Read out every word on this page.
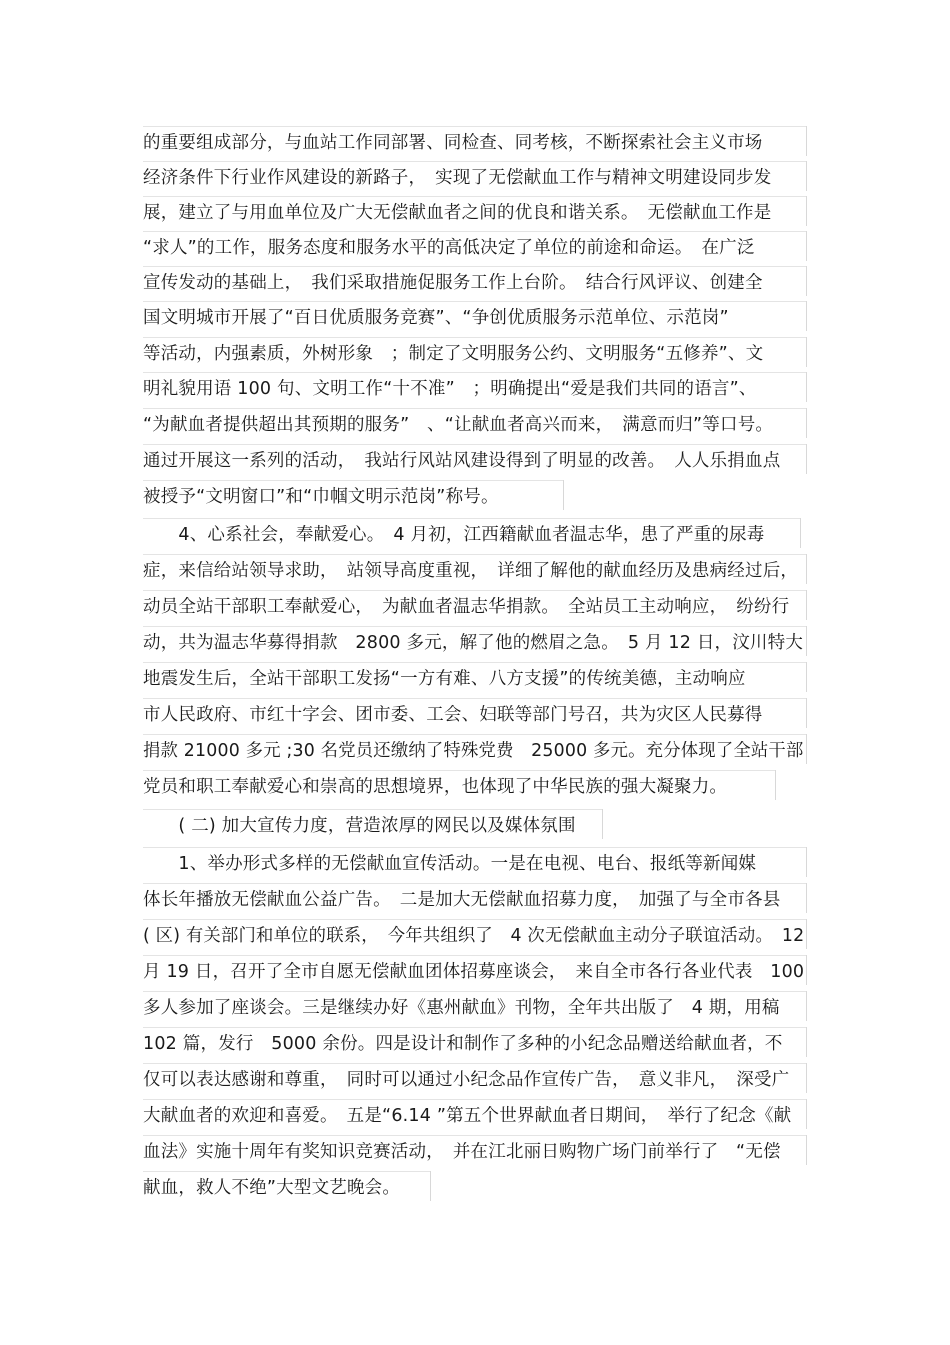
的重要组成部分，与血站工作同部署、同检查、同考核，不断探索社会主义市场
经济条件下行业作风建设的新路子，　实现了无偿献血工作与精神文明建设同步发
展，建立了与用血单位及广大无偿献血者之间的优良和谐关系。　无偿献血工作是
“求人”的工作，服务态度和服务水平的高低决定了单位的前途和命运。　在广泛
宣传发动的基础上，　我们采取措施促服务工作上台阶。　结合行风评议、创建全
国文明城市开展了“百日优质服务竞赛”、“争创优质服务示范单位、示范岗”
等活动，内强素质，外树形象　；制定了文明服务公约、文明服务“五修养”、文
明礼貌用语 100 句、文明工作“十不准”　；明确提出“爱是我们共同的语言”、
“为献血者提供超出其预期的服务”　、“让献血者高兴而来，　满意而归”等口号。
通过开展这一系列的活动，　我站行风站风建设得到了明显的改善。　人人乐捐血点
被授予“文明窗口”和“巾帼文明示范岗”称号。
　　4、心系社会，奉献爱心。　4 月初，江西籍献血者温志华，患了严重的尿毒
症，来信给站领导求助，　站领导高度重视，　详细了解他的献血经历及患病经过后，
动员全站干部职工奉献爱心，　为献血者温志华捐款。　全站员工主动响应，　纷纷行
动，共为温志华募得捐款　2800 多元，解了他的燃眉之急。　5 月 12 日，汶川特大
地震发生后，全站干部职工发扬“一方有难、八方支援”的传统美德，主动响应
市人民政府、市红十字会、团市委、工会、妇联等部门号召，共为灾区人民募得
捐款 21000 多元 ;30 名党员还缴纳了特殊党费　25000 多元。充分体现了全站干部
党员和职工奉献爱心和崇高的思想境界，也体现了中华民族的强大凝聚力。
　　( 二) 加大宣传力度，营造浓厚的网民以及媒体氛围
　　1、举办形式多样的无偿献血宣传活动。一是在电视、电台、报纸等新闻媒
体长年播放无偿献血公益广告。　二是加大无偿献血招募力度，　加强了与全市各县
( 区) 有关部门和单位的联系，　今年共组织了　4 次无偿献血主动分子联谊活动。　12
月 19 日，召开了全市自愿无偿献血团体招募座谈会，　来自全市各行各业代表　100
多人参加了座谈会。三是继续办好《惠州献血》刊物，全年共出版了　4 期，用稿
102 篇，发行　5000 余份。四是设计和制作了多种的小纪念品赠送给献血者，不
仅可以表达感谢和尊重，　同时可以通过小纪念品作宣传广告，　意义非凡，　深受广
大献血者的欢迎和喜爱。　五是“6.14 ”第五个世界献血者日期间，　举行了纪念《献
血法》实施十周年有奖知识竞赛活动，　并在江北丽日购物广场门前举行了　“无偿
献血，救人不绝”大型文艺晚会。
